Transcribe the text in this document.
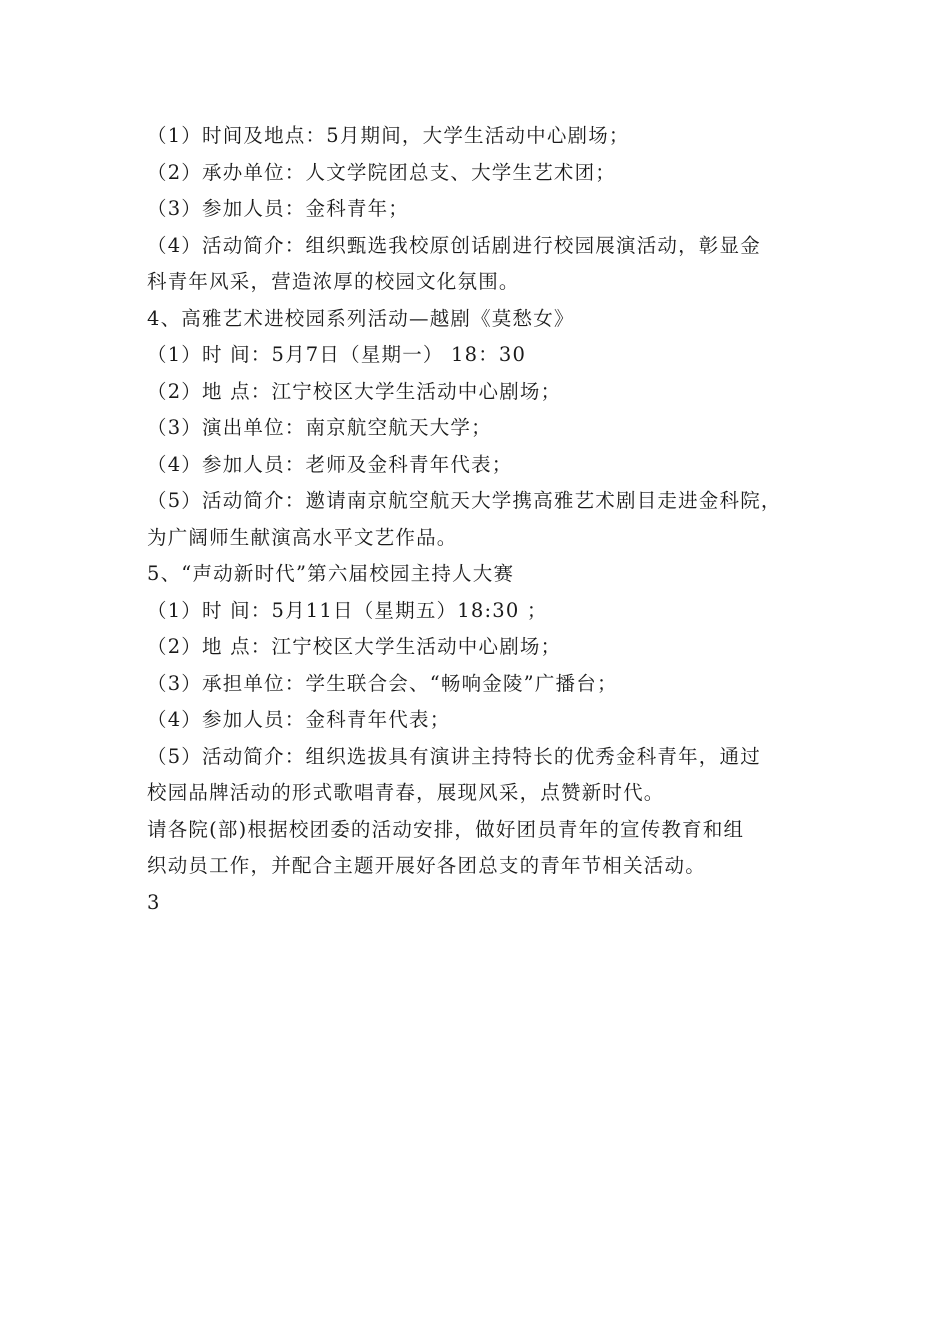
（1）时间及地点：5月期间，大学生活动中心剧场；
（2）承办单位：人文学院团总支、大学生艺术团；
（3）参加人员：金科青年；
（4）活动简介：组织甄选我校原创话剧进行校园展演活动，彰显金
科青年风采，营造浓厚的校园文化氛围。
4、高雅艺术进校园系列活动—越剧《莫愁女》
（1）时 间：5月7日（星期一） 18：30
（2）地 点：江宁校区大学生活动中心剧场；
（3）演出单位：南京航空航天大学；
（4）参加人员：老师及金科青年代表；
（5）活动简介：邀请南京航空航天大学携高雅艺术剧目走进金科院，
为广阔师生献演高水平文艺作品。
5、“声动新时代”第六届校园主持人大赛
（1）时 间：5月11日（星期五）18:30 ；
（2）地 点：江宁校区大学生活动中心剧场；
（3）承担单位：学生联合会、“畅响金陵”广播台；
（4）参加人员：金科青年代表；
（5）活动简介：组织选拔具有演讲主持特长的优秀金科青年，通过
校园品牌活动的形式歌唱青春，展现风采，点赞新时代。
请各院(部)根据校团委的活动安排，做好团员青年的宣传教育和组
织动员工作，并配合主题开展好各团总支的青年节相关活动。
3
